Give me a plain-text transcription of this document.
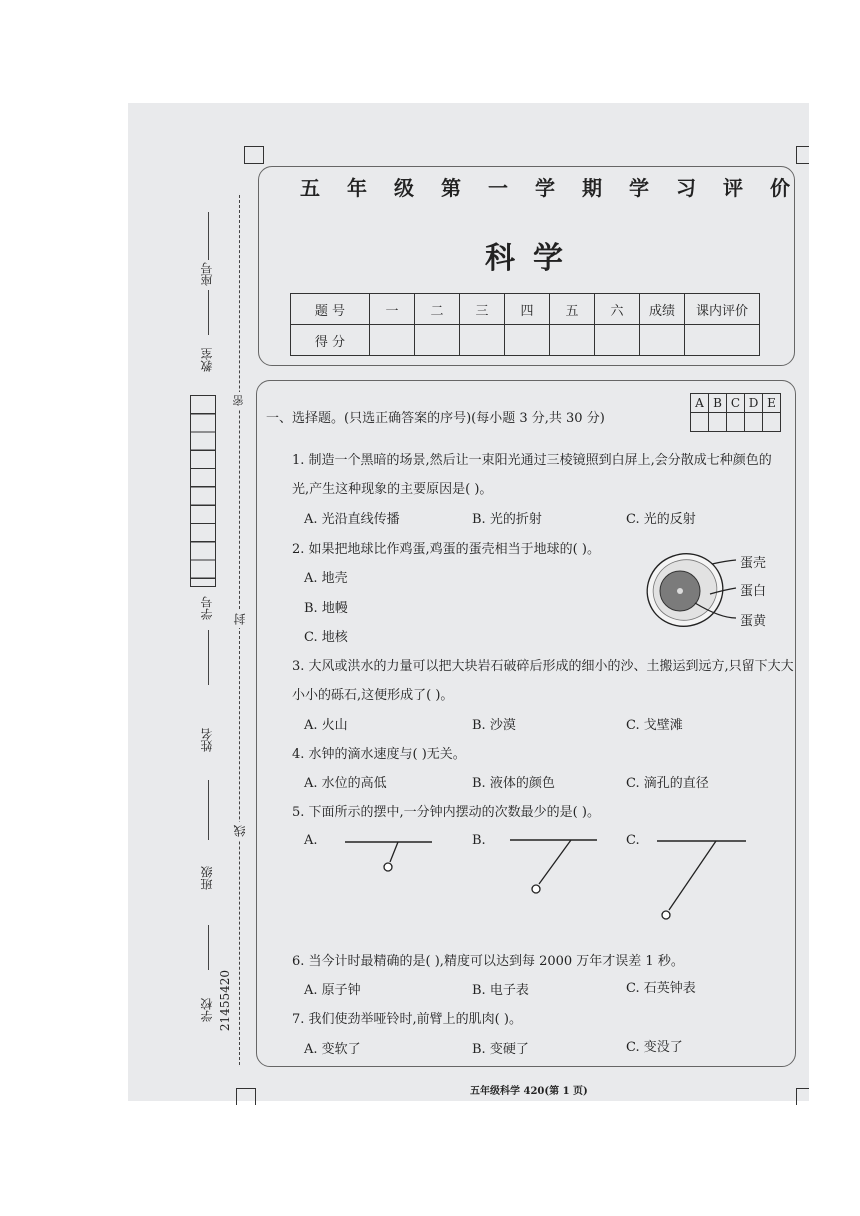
密
封
线
座号
教室
学号
姓名
班级
学校 21455420
五 年 级 第 一 学 期 学 习 评 价
科学
题 号	一	二	三	四	五	六	成绩	课内评价
得 分								
A	B	C	D	E

一、选择题。(只选正确答案的序号)(每小题 3 分,共 30 分)
1. 制造一个黑暗的场景,然后让一束阳光通过三棱镜照到白屏上,会分散成七种颜色的
光,产生这种现象的主要原因是( )。
A. 光沿直线传播	B. 光的折射	C. 光的反射
2. 如果把地球比作鸡蛋,鸡蛋的蛋壳相当于地球的( )。
A. 地壳
B. 地幔
C. 地核
蛋壳
蛋白
蛋黄
3. 大风或洪水的力量可以把大块岩石破碎后形成的细小的沙、土搬运到远方,只留下大大
小小的砾石,这便形成了( )。
A. 火山	B. 沙漠	C. 戈壁滩
4. 水钟的滴水速度与( )无关。
A. 水位的高低	B. 液体的颜色	C. 滴孔的直径
5. 下面所示的摆中,一分钟内摆动的次数最少的是( )。
A.	B.	C.
6. 当今计时最精确的是( ),精度可以达到每 2000 万年才误差 1 秒。
A. 原子钟	B. 电子表	C. 石英钟表
7. 我们使劲举哑铃时,前臂上的肌肉( )。
A. 变软了	B. 变硬了	C. 变没了
五年级科学 420(第 1 页)
